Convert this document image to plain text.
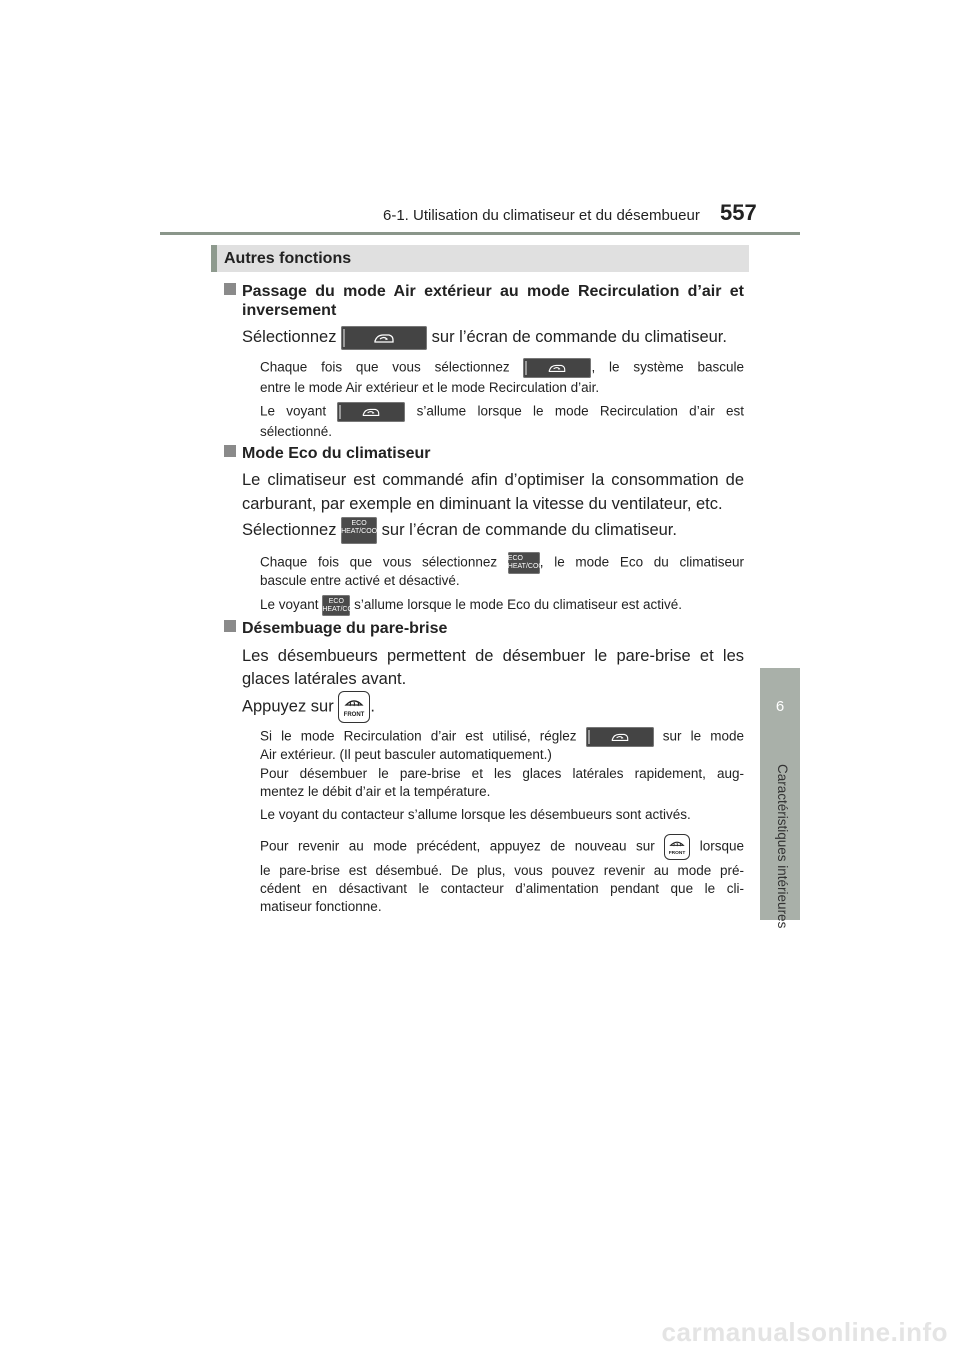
6-1. Utilisation du climatiseur et du désembueur 557
6
Caractéristiques intérieures
Autres fonctions
Passage du mode Air extérieur au mode Recirculation d’air et
inversement
Sélectionnez	sur l’écran de commande du climatiseur.
Chaque fois que vous sélectionnez	, le système bascule
entre le mode Air extérieur et le mode Recirculation d’air.
Le voyant	s’allume lorsque le mode Recirculation d’air est
sélectionné.
Mode Eco du climatiseur
Le climatiseur est commandé afin d’optimiser la consommation de
carburant, par exemple en diminuant la vitesse du ventilateur, etc.
Sélectionnez ECO
HEAT/COOL sur l’écran de commande du climatiseur.
Chaque fois que vous sélectionnez ECO
HEAT/COOL, le mode Eco du climatiseur
bascule entre activé et désactivé.
Le voyant ECO
HEAT/COOL s’allume lorsque le mode Eco du climatiseur est activé.
Désembuage du pare-brise
Les désembueurs permettent de désembuer le pare-brise et les
glaces latérales avant.
Appuyez sur FRONT .
Si le mode Recirculation d’air est utilisé, réglez	sur le mode
Air extérieur. (Il peut basculer automatiquement.)
Pour désembuer le pare-brise et les glaces latérales rapidement, aug-
mentez le débit d’air et la température.
Le voyant du contacteur s’allume lorsque les désembueurs sont activés.
Pour revenir au mode précédent, appuyez de nouveau sur
FRONT
lorsque
le pare-brise est désembué. De plus, vous pouvez revenir au mode pré-
cédent en désactivant le contacteur d’alimentation pendant que le cli-
matiseur fonctionne.
carmanualsonline.info
